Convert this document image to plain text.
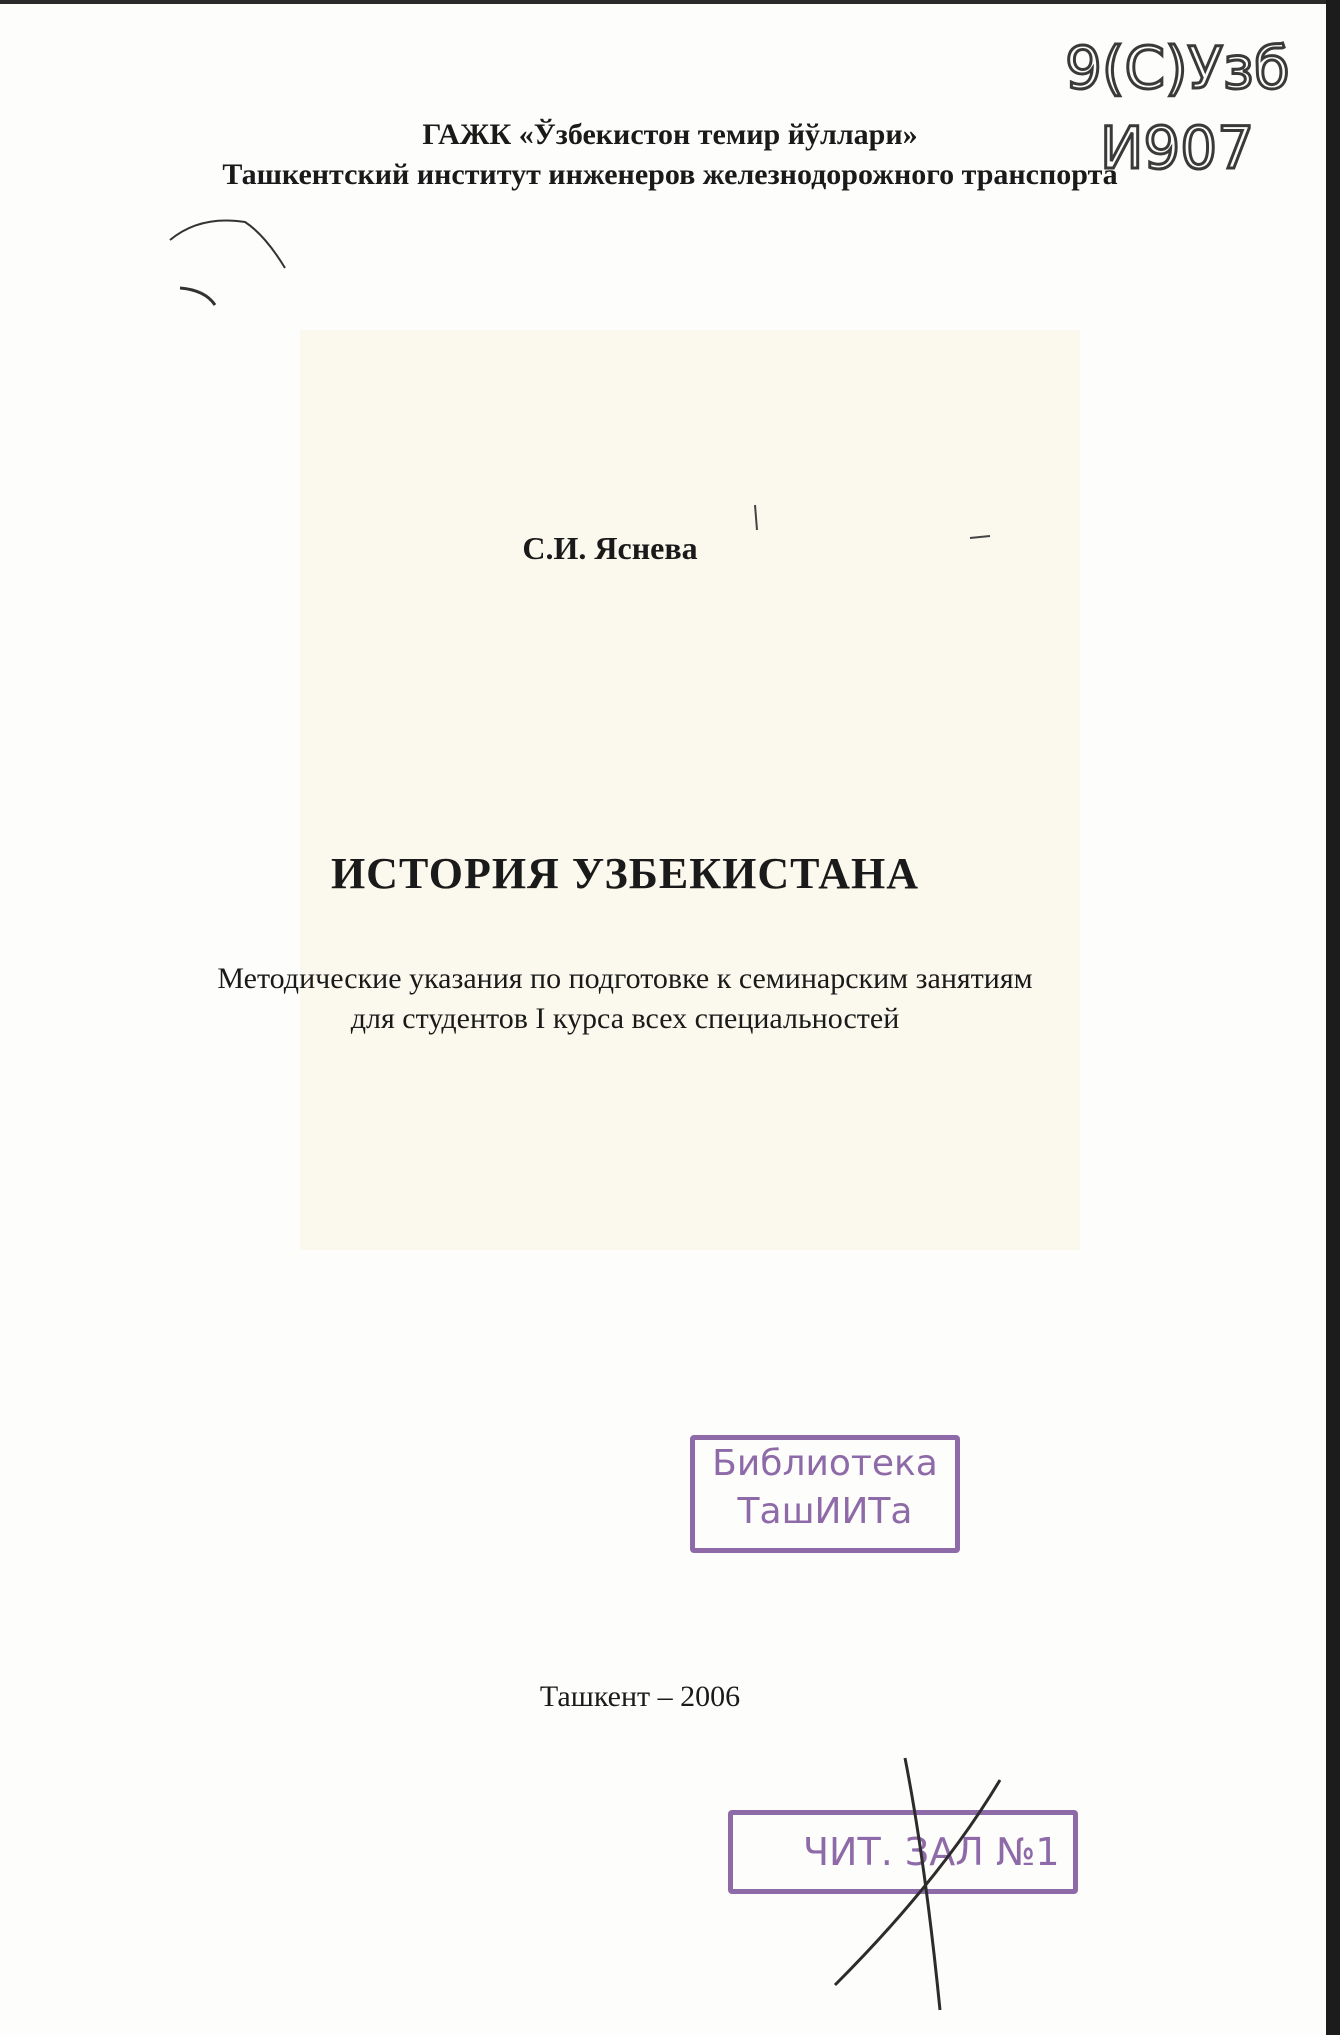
ГАЖК «Ўзбекистон темир йўллари»
Ташкентский институт инженеров железнодорожного транспорта
9(С)Узб
И907
С.И. Яснева
ИСТОРИЯ УЗБЕКИСТАНА
Методические указания по подготовке к семинарским занятиям
для студентов I курса всех специальностей
Библиотека
ТашИИТа
Ташкент – 2006
ЧИТ. ЗАЛ №1
